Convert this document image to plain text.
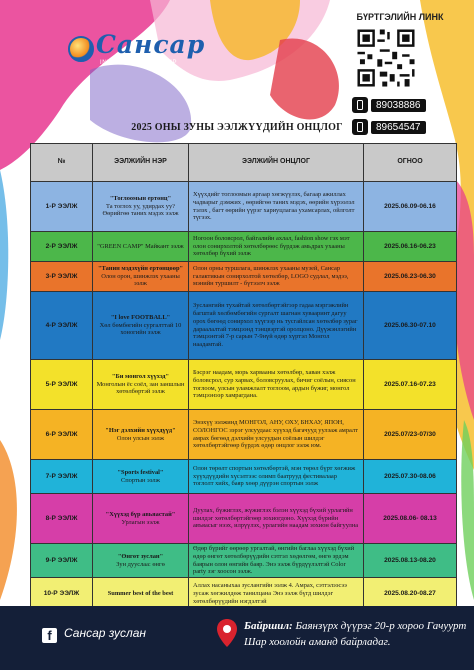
Сансар
INTERNATIONAL CAMP
БҮРТГЭЛИЙН ЛИНК
89038886
89654547
2025 ОНЫ ЗУНЫ ЭЭЛЖҮҮДИЙН ОНЦЛОГ
№	ЭЭЛЖИЙН НЭР	ЭЭЛЖИЙН ОНЦЛОГ	ОГНОО
1-Р ЭЭЛЖ	"Тоглоомын ертөнц"
Та тоглох уу, удирдах уу? Өөрийгөө таних мэдэх ээлж	Хүүхдийг тоглоомын аргаар хөгжүүлэх, багаар ажиллах чадварыг дэмжих , өөрийгөө таних мэдэх, өөрийн хүрээлэл тэлэх , багт өөрийн үүрэг хариуцлагаа ухамсарлах, ойлголт түгээх.	2025.06.09-06.16
2-Р ЭЭЛЖ	"GREEN CAMP" Майкант ээлж	Ногоон боловсрол, байгалийн ахлал, fashion show гэх мэт олон сонирхолтой хөтөлбөрөөс бүрдэж амьдрах ухааны хөтөлбөр бүхий ээлж	2025.06.16-06.23
3-Р ЭЭЛЖ	"Танин мэдэхүйн ертөнцөөр"
Олон орон, шинжлэх ухааны ээлж	Олон орны туршлага, шинжлэх ухааны музей, Сансар галактикын сонирхолтой хөтөлбөр, LOGO судлал, мэдээ, мэнийн туршилт - бүтээлч ээлж	2025.06.23-06.30
4-Р ЭЭЛЖ	"I love FOOTBALL"
Хөл бөмбөгийн сургалттай 10 хоногийн ээлж	Зуслангийн тухайтай хөтөлбөртэйгээр гадаа мэргэжлийн багштай хөлбөмбөгийн сургалт шагнан хувааринт дагуу орох бөгөөд сонирхол хүүгээр нь тусгайлсан хөтөлбөр зураг дараалалтай тэмцээнд тэнцвэртэй оролцоно. Дүүжэнлэгийн тэмцээнтэй 7-р сарын 7-9нүй өдөр хүртэл Монгол наадамтай.	2025.06.30-07.10
5-Р ЭЭЛЖ	"Би монгол хүүхэд"
Монголын ёс соёл, зан заншлын хөтөлбөртэй ээлж	Бэсрэг наадам, морь харвааны хөтөлбөр, хаван хэлж боловсрол, сур харвах, боловсруулах, бичиг соёлын, сиясон тоглоом, улсын уламжлалт тоглоом, ардын бүжиг, монгол тэмцээнээр хамрагдана.	2025.07.16-07.23
6-Р ЭЭЛЖ	"Нэг дэлхийн хүүхдүүд"
Олон улсын ээлж	Энэхүү ээлжинд МОНГОЛ, АНУ, ОХУ, БНХАУ, ЯПОН, СОЛОНГОС зэрэг улсуудаас хүүхэд багачууд уулзаж амралт амрах бөгөөд дэлхийн улсуудын соёлын шилдэг хөтөлбөртэйгөөр бүрдэх өдөр онцлог ээлж юм.	2025.07/23-07/30
7-Р ЭЭЛЖ	"Sports festival"
Спортын ээлж	Олон төрөлт спортын хөтөлбөртэй, мэн төрөл бүрт хөгжиж хүүхдүүдийн хүсэлтээс олимп баатрууд фестивалаар тоглолт хийх, баяр хөөр дүүрэн спортын ээлж	2025.07.30-08.06
8-Р ЭЭЛЖ	"Хүүхэд бүр авьяастай"
Урлагын ээлж	Дуулах, бүжиглэх, жүжиглэх бэлэн хүүхэд бүхий урлагийн шилдэг хөтөлбөртэйгөөр зохиогдоно. Хүүхэд бүрийн авъяасыг нээх, илрүүлэх, урлагийн наадам зохион байгуулна	2025.08.06- 08.13
9-Р ЭЭЛЖ	"Өнгөт зуслан"
Зун дууслаа: өнгө	Өдөр бүрийг өөрөөр ургалтай, өнгийн баглаа хүүхэд бүхий өдөр өнгөт хөтөлбөрүүдийн сэтгэл хөдөлгөм, өнгө эрдэм баярын олон өнгийн баяр. Энэ ээлж бүрдүүлэлтэй Color party зэг хоосон ээлж.	2025.08.13-08.20
10-Р ЭЭЛЖ	Summer best of the best	Аллах насаныхаа зуслангийн ээлж 4. Амрах, сэтгэлээсээ зусаж хөгжилдөж танилцана Энэ ээлж бүгд шилдэг хөтөлбөрүүдийн нэгдэлтэй	2025.08.20-08.27
f	Сансар зуслан	Байршил: Баянзүрх дүүрэг 20-р хороо Гачуурт Шар хоолойн аманд байрладаг.
